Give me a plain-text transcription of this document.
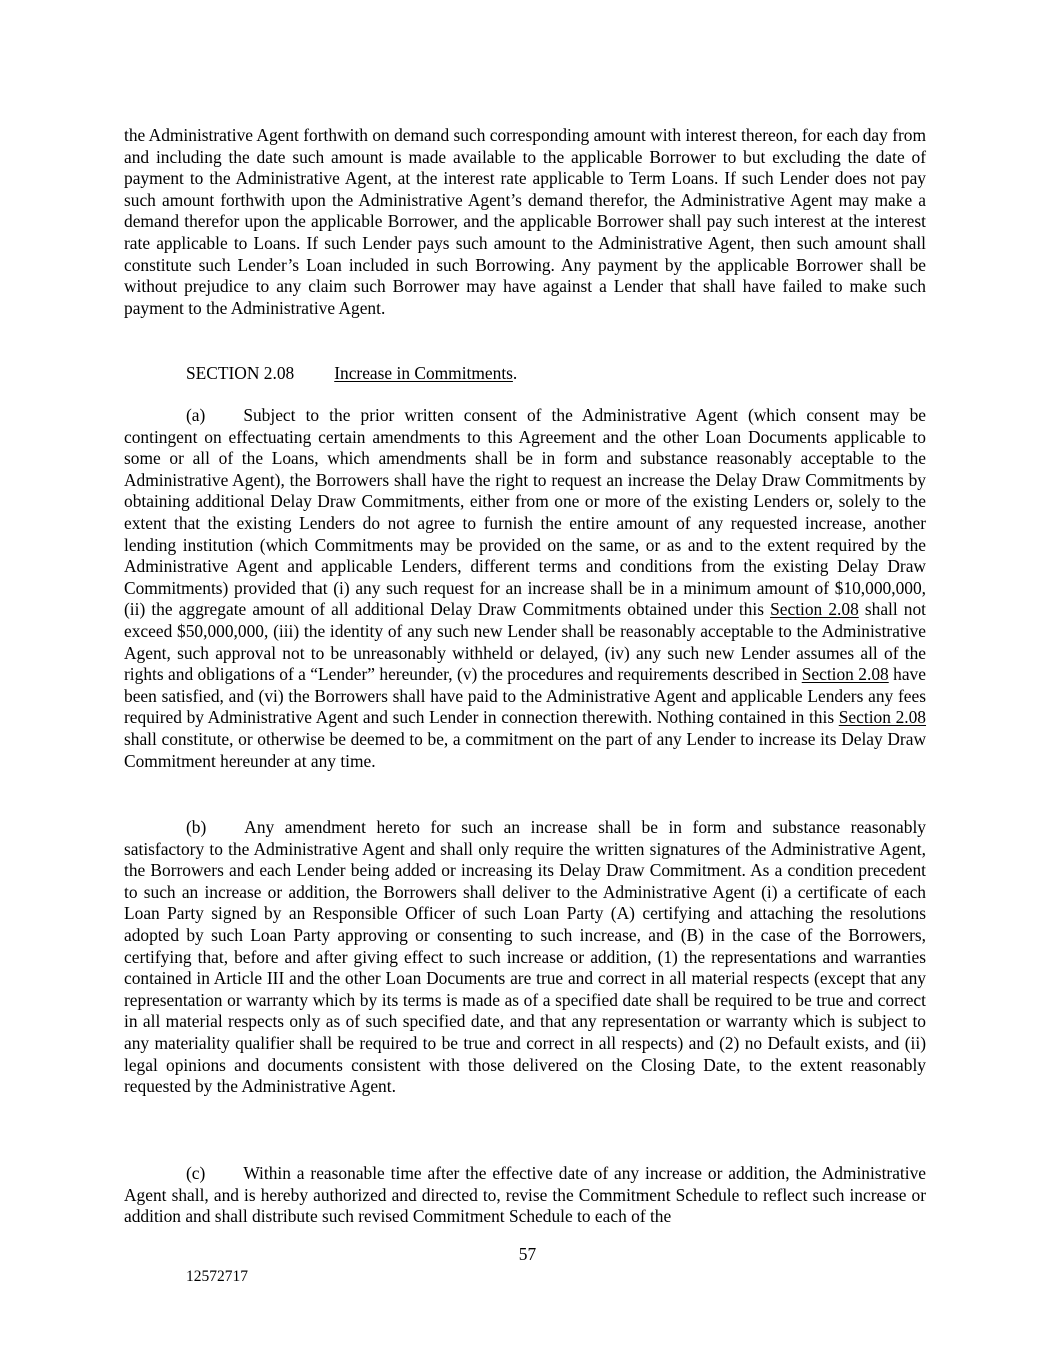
the Administrative Agent forthwith on demand such corresponding amount with interest thereon, for each day from and including the date such amount is made available to the applicable Borrower to but excluding the date of payment to the Administrative Agent, at the interest rate applicable to Term Loans. If such Lender does not pay such amount forthwith upon the Administrative Agent’s demand therefor, the Administrative Agent may make a demand therefor upon the applicable Borrower, and the applicable Borrower shall pay such interest at the interest rate applicable to Loans. If such Lender pays such amount to the Administrative Agent, then such amount shall constitute such Lender’s Loan included in such Borrowing. Any payment by the applicable Borrower shall be without prejudice to any claim such Borrower may have against a Lender that shall have failed to make such payment to the Administrative Agent.

SECTION 2.08 Increase in Commitments.

(a) Subject to the prior written consent of the Administrative Agent (which consent may be contingent on effectuating certain amendments to this Agreement and the other Loan Documents applicable to some or all of the Loans, which amendments shall be in form and substance reasonably acceptable to the Administrative Agent), the Borrowers shall have the right to request an increase the Delay Draw Commitments by obtaining additional Delay Draw Commitments, either from one or more of the existing Lenders or, solely to the extent that the existing Lenders do not agree to furnish the entire amount of any requested increase, another lending institution (which Commitments may be provided on the same, or as and to the extent required by the Administrative Agent and applicable Lenders, different terms and conditions from the existing Delay Draw Commitments) provided that (i) any such request for an increase shall be in a minimum amount of $10,000,000, (ii) the aggregate amount of all additional Delay Draw Commitments obtained under this Section 2.08 shall not exceed $50,000,000, (iii) the identity of any such new Lender shall be reasonably acceptable to the Administrative Agent, such approval not to be unreasonably withheld or delayed, (iv) any such new Lender assumes all of the rights and obligations of a “Lender” hereunder, (v) the procedures and requirements described in Section 2.08 have been satisfied, and (vi) the Borrowers shall have paid to the Administrative Agent and applicable Lenders any fees required by Administrative Agent and such Lender in connection therewith. Nothing contained in this Section 2.08 shall constitute, or otherwise be deemed to be, a commitment on the part of any Lender to increase its Delay Draw Commitment hereunder at any time.

(b) Any amendment hereto for such an increase shall be in form and substance reasonably satisfactory to the Administrative Agent and shall only require the written signatures of the Administrative Agent, the Borrowers and each Lender being added or increasing its Delay Draw Commitment. As a condition precedent to such an increase or addition, the Borrowers shall deliver to the Administrative Agent (i) a certificate of each Loan Party signed by an Responsible Officer of such Loan Party (A) certifying and attaching the resolutions adopted by such Loan Party approving or consenting to such increase, and (B) in the case of the Borrowers, certifying that, before and after giving effect to such increase or addition, (1) the representations and warranties contained in Article III and the other Loan Documents are true and correct in all material respects (except that any representation or warranty which by its terms is made as of a specified date shall be required to be true and correct in all material respects only as of such specified date, and that any representation or warranty which is subject to any materiality qualifier shall be required to be true and correct in all respects) and (2) no Default exists, and (ii) legal opinions and documents consistent with those delivered on the Closing Date, to the extent reasonably requested by the Administrative Agent.

(c) Within a reasonable time after the effective date of any increase or addition, the Administrative Agent shall, and is hereby authorized and directed to, revise the Commitment Schedule to reflect such increase or addition and shall distribute such revised Commitment Schedule to each of the

57

12572717
